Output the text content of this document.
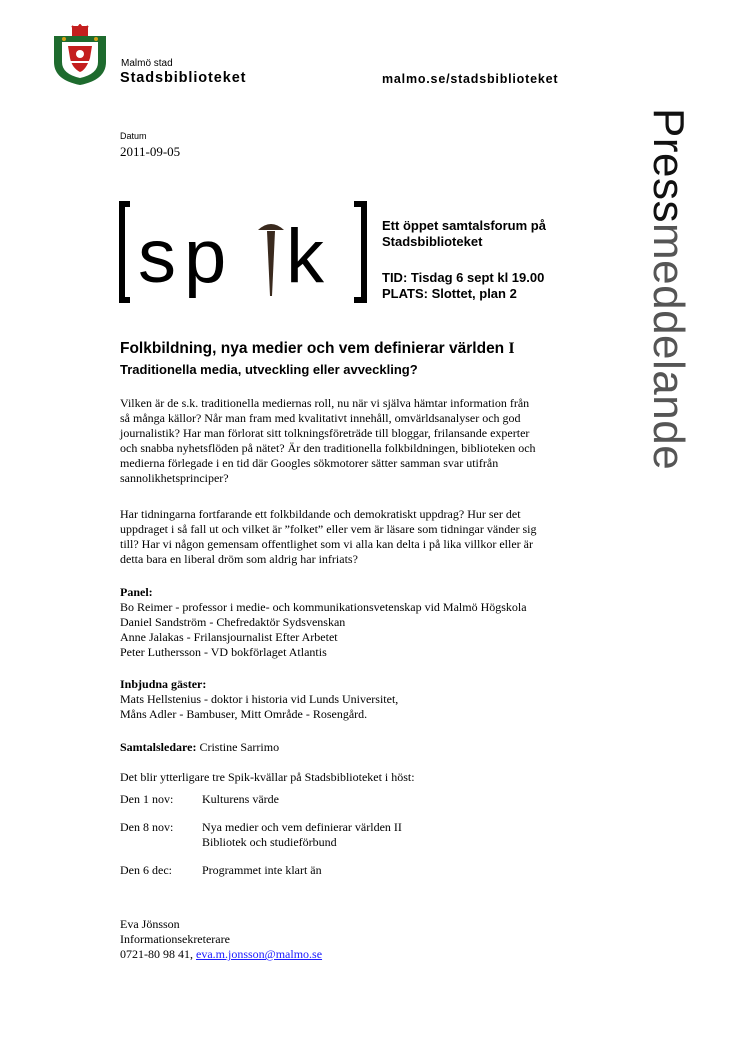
Malmö stad
Stadsbiblioteket	malmo.se/stadsbiblioteket
Pressmeddelande
Datum
2011-09-05
s p k	Ett öppet samtalsforum på
Stadsbiblioteket
TID: Tisdag 6 sept kl 19.00
PLATS: Slottet, plan 2
Folkbildning, nya medier och vem definierar världen I
Traditionella media, utveckling eller avveckling?
Vilken är de s.k. traditionella mediernas roll, nu när vi själva hämtar information från
så många källor? Når man fram med kvalitativt innehåll, omvärldsanalyser och god
journalistik? Har man förlorat sitt tolkningsföreträde till bloggar, frilansande experter
och snabba nyhetsflöden på nätet? Är den traditionella folkbildningen, biblioteken och
medierna förlegade i en tid där Googles sökmotorer sätter samman svar utifrån
sannolikhetsprinciper?
Har tidningarna fortfarande ett folkbildande och demokratiskt uppdrag? Hur ser det
uppdraget i så fall ut och vilket är ”folket” eller vem är läsare som tidningar vänder sig
till? Har vi någon gemensam offentlighet som vi alla kan delta i på lika villkor eller är
detta bara en liberal dröm som aldrig har infriats?
Panel:
Bo Reimer - professor i medie- och kommunikationsvetenskap vid Malmö Högskola
Daniel Sandström - Chefredaktör Sydsvenskan
Anne Jalakas - Frilansjournalist Efter Arbetet
Peter Luthersson - VD bokförlaget Atlantis
Inbjudna gäster:
Mats Hellstenius - doktor i historia vid Lunds Universitet,
Måns Adler - Bambuser, Mitt Område - Rosengård.
Samtalsledare: Cristine Sarrimo
Det blir ytterligare tre Spik-kvällar på Stadsbiblioteket i höst:
Den 1 nov:	Kulturens värde
Den 8 nov:	Nya medier och vem definierar världen II
Bibliotek och studieförbund
Den 6 dec:	Programmet inte klart än
Eva Jönsson
Informationsekreterare
0721-80 98 41, eva.m.jonsson@malmo.se
